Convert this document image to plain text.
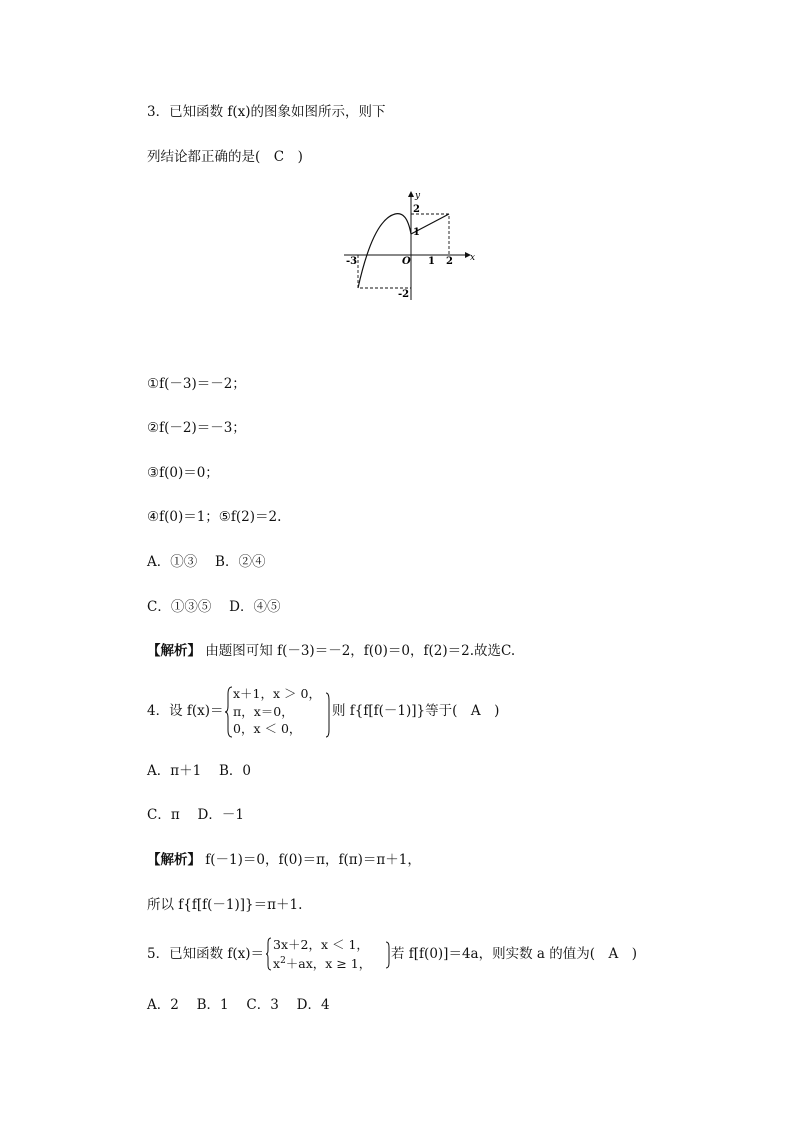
3．已知函数 f(x)的图象如图所示，则下
列结论都正确的是(　C　)
y
x
O
-3	1 2
2
1
-2
①f(－3)＝－2；
②f(－2)＝－3；
③f(0)＝0；
④f(0)＝1；⑤f(2)＝2.
A．①③　 B．②④
C．①③⑤　 D．④⑤
【解析】 由题图可知 f(－3)＝－2，f(0)＝0，f(2)＝2.故选C.
4．设 f(x)＝
x＋1，x ＞ 0，
π，x＝0，
0，x ＜ 0，
则 f{f[f(－1)]}等于(　A　)
A．π＋1　 B．0
C．π　 D．－1
【解析】 f(－1)＝0，f(0)＝π，f(π)＝π＋1，
所以 f{f[f(－1)]}＝π＋1.
5．已知函数 f(x)＝
3x＋2，x ＜ 1，
$x^2+ax$，x ≥ 1，
若 f[f(0)]＝4a，则实数 a 的值为(　A　)
A．2　 B．1　 C．3　 D．4
